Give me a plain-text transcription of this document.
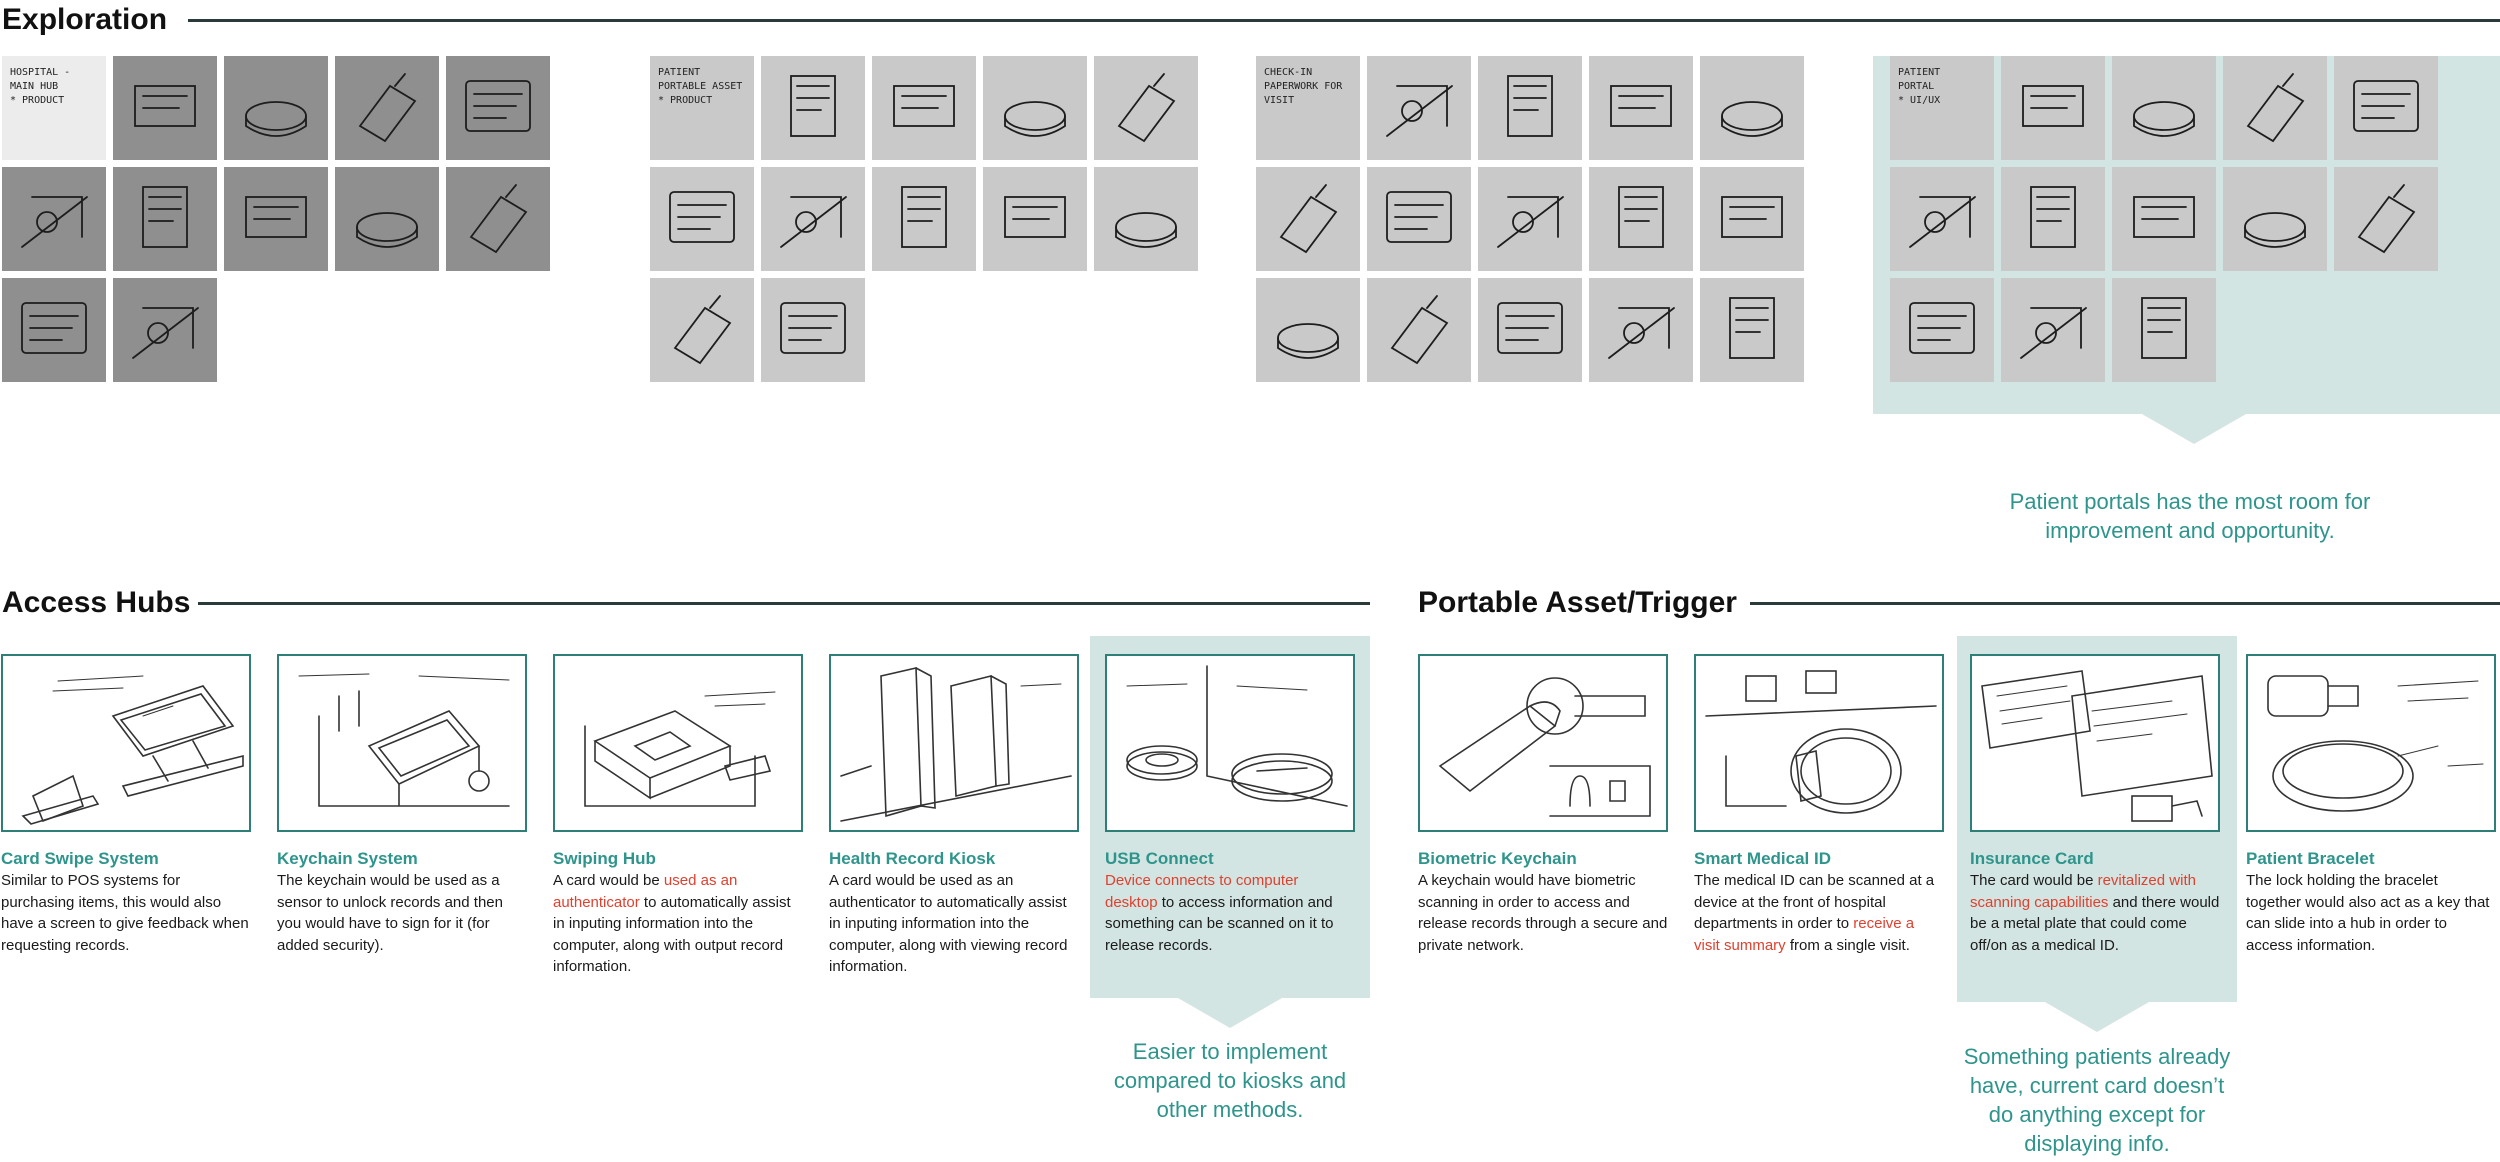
Exploration
Patient portals has the most room for improvement and opportunity.
HOSPITAL -
MAIN HUB
* PRODUCT
PATIENT
PORTABLE ASSET
* PRODUCT
CHECK-IN
PAPERWORK FOR
VISIT
PATIENT
PORTAL
* UI/UX
Access Hubs
Easier to implement compared to kiosks and other methods.
Card Swipe System
Similar to POS systems for purchasing items, this would also have a screen to give feedback when requesting records.
Keychain System
The keychain would be used as a sensor to unlock records and then you would have to sign for it (for added security).
Swiping Hub
A card would be used as an authenticator to automatically assist in inputing information into the computer, along with output record information.
Health Record Kiosk
A card would be used as an authenticator to automatically assist in inputing information into the computer, along with viewing record information.
USB Connect
Device connects to computer desktop to access information and something can be scanned on it to release records.
Portable Asset/Trigger
Something patients already have, current card doesn’t do anything except for displaying info.
Biometric Keychain
A keychain would have biometric scanning in order to access and release records through a secure and private network.
Smart Medical ID
The medical ID can be scanned at a device at the front of hospital departments in order to receive a visit summary from a single visit.
Insurance Card
The card would be revitalized with scanning capabilities and there would be a metal plate that could come off/on as a medical ID.
Patient Bracelet
The lock holding the bracelet together would also act as a key that can slide into a hub in order to access information.
